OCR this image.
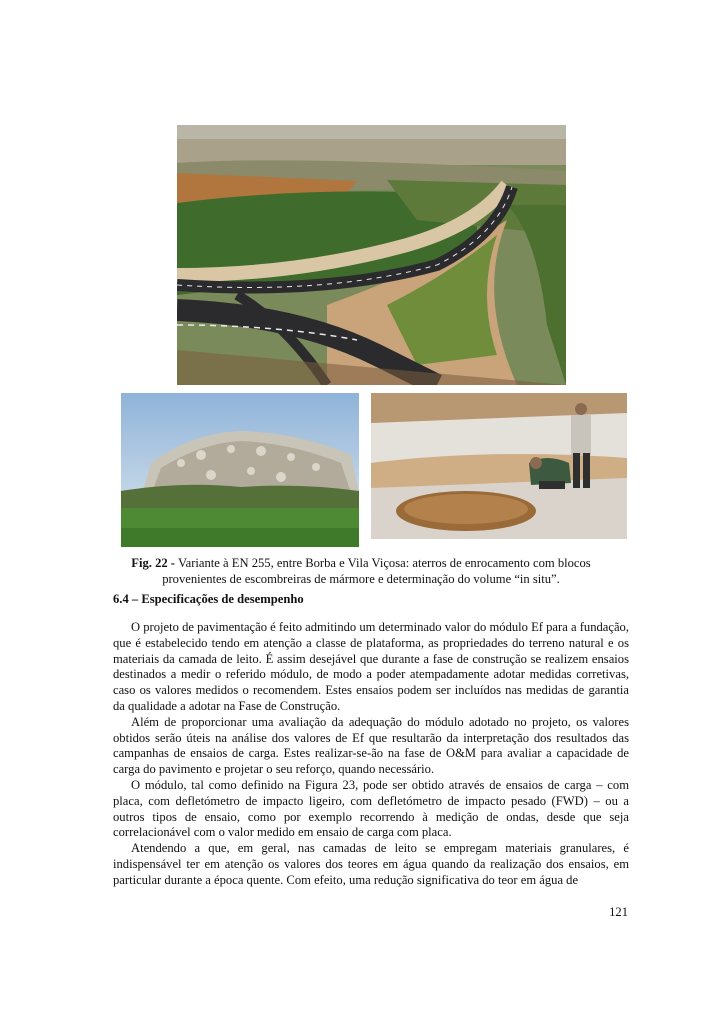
Fig. 22 - Variante à EN 255, entre Borba e Vila Viçosa: aterros de enrocamento com blocos provenientes de escombreiras de mármore e determinação do volume “in situ”.
6.4 – Especificações de desempenho

O projeto de pavimentação é feito admitindo um determinado valor do módulo Ef para a fundação, que é estabelecido tendo em atenção a classe de plataforma, as propriedades do terreno natural e os materiais da camada de leito. É assim desejável que durante a fase de construção se realizem ensaios destinados a medir o referido módulo, de modo a poder atempadamente adotar medidas corretivas, caso os valores medidos o recomendem. Estes ensaios podem ser incluídos nas medidas de garantia da qualidade a adotar na Fase de Construção.

Além de proporcionar uma avaliação da adequação do módulo adotado no projeto, os valores obtidos serão úteis na análise dos valores de Ef que resultarão da interpretação dos resultados das campanhas de ensaios de carga. Estes realizar-se-ão na fase de O&M para avaliar a capacidade de carga do pavimento e projetar o seu reforço, quando necessário.

O módulo, tal como definido na Figura 23, pode ser obtido através de ensaios de carga – com placa, com defletómetro de impacto ligeiro, com defletómetro de impacto pesado (FWD) – ou a outros tipos de ensaio, como por exemplo recorrendo à medição de ondas, desde que seja correlacionável com o valor medido em ensaio de carga com placa.

Atendendo a que, em geral, nas camadas de leito se empregam materiais granulares, é indispensável ter em atenção os valores dos teores em água quando da realização dos ensaios, em particular durante a época quente. Com efeito, uma redução significativa do teor em água de

121
